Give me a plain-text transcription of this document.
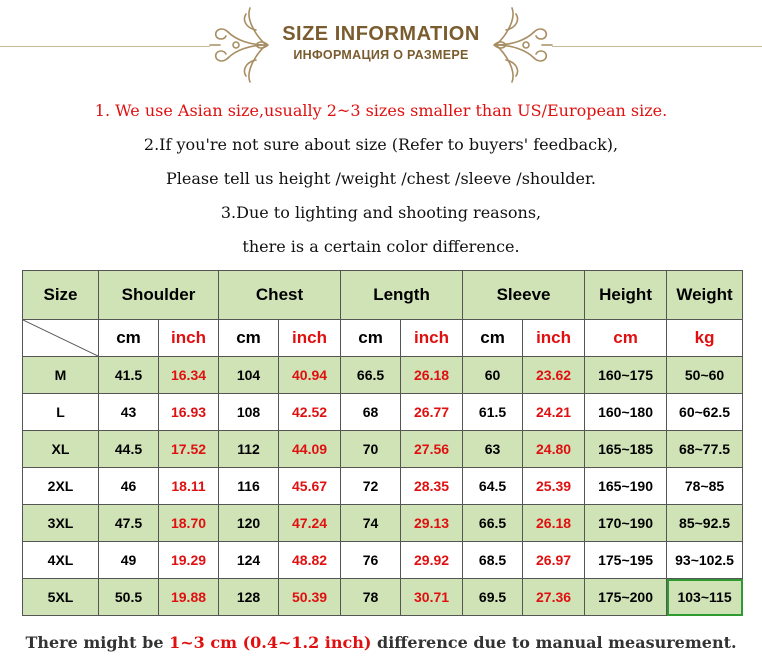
SIZE INFORMATION
ИНФОРМАЦИЯ О РАЗМЕРЕ
1. We use Asian size,usually 2~3 sizes smaller than US/European size.
2.If you're not sure about size (Refer to buyers' feedback),
Please tell us height /weight /chest /sleeve /shoulder.
3.Due to lighting and shooting reasons,
there is a certain color difference.
Size	Shoulder		Chest		Length		Sleeve		Height	Weight

	cm	inch	cm	inch	cm	inch	cm	inch	cm	kg
M	41.5	16.34	104	40.94	66.5	26.18	60	23.62	160~175	50~60
L	43	16.93	108	42.52	68	26.77	61.5	24.21	160~180	60~62.5
XL	44.5	17.52	112	44.09	70	27.56	63	24.80	165~185	68~77.5
2XL	46	18.11	116	45.67	72	28.35	64.5	25.39	165~190	78~85
3XL	47.5	18.70	120	47.24	74	29.13	66.5	26.18	170~190	85~92.5
4XL	49	19.29	124	48.82	76	29.92	68.5	26.97	175~195	93~102.5
5XL	50.5	19.88	128	50.39	78	30.71	69.5	27.36	175~200	103~115
There might be 1~3 cm (0.4~1.2 inch) difference due to manual measurement.
